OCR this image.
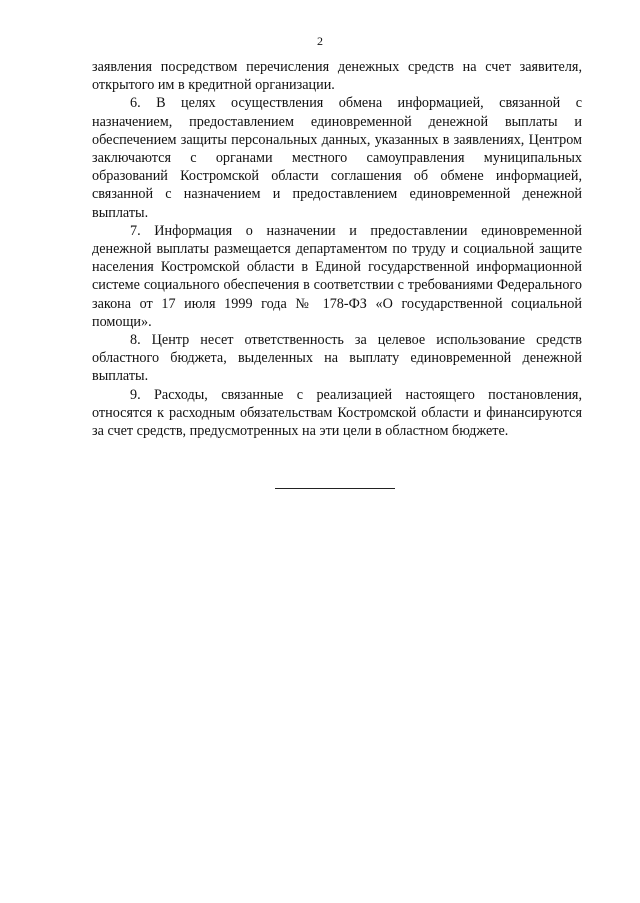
2

заявления посредством перечисления денежных средств на счет заявителя, открытого им в кредитной организации.

6. В целях осуществления обмена информацией, связанной с назначением, предоставлением единовременной денежной выплаты и обеспечением защиты персональных данных, указанных в заявлениях, Центром заключаются с органами местного самоуправления муниципальных образований Костромской области соглашения об обмене информацией, связанной с назначением и предоставлением единовременной денежной выплаты.

7. Информация о назначении и предоставлении единовременной денежной выплаты размещается департаментом по труду и социальной защите населения Костромской области в Единой государственной информационной системе социального обеспечения в соответствии с требованиями Федерального закона от 17 июля 1999 года № 178-ФЗ «О государственной социальной помощи».

8. Центр несет ответственность за целевое использование средств областного бюджета, выделенных на выплату единовременной денежной выплаты.

9. Расходы, связанные с реализацией настоящего постановления, относятся к расходным обязательствам Костромской области и финансируются за счет средств, предусмотренных на эти цели в областном бюджете.
